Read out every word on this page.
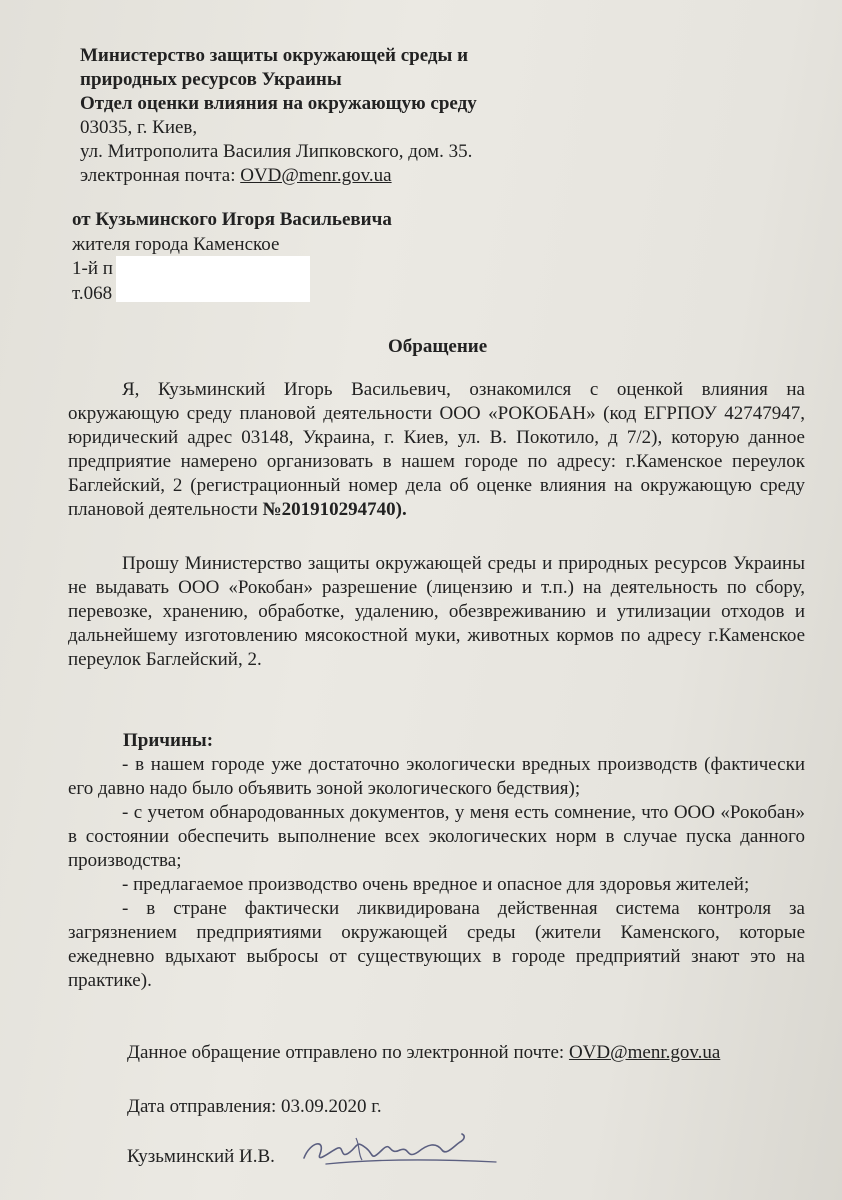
Министерство защиты окружающей среды и
природных ресурсов Украины
Отдел оценки влияния на окружающую среду
03035, г. Киев,
ул. Митрополита Василия Липковского, дом. 35.
электронная почта: OVD@menr.gov.ua
от Кузьминского Игоря Васильевича
жителя города Каменское
1-й п
т.068
Обращение

Я, Кузьминский Игорь Васильевич, ознакомился с оценкой влияния на окружающую среду плановой деятельности ООО «РОКОБАН» (код ЕГРПОУ 42747947, юридический адрес 03148, Украина, г. Киев, ул. В. Покотило, д 7/2), которую данное предприятие намерено организовать в нашем городе по адресу: г.Каменское переулок Баглейский, 2 (регистрационный номер дела об оценке влияния на окружающую среду плановой деятельности №201910294740).

Прошу Министерство защиты окружающей среды и природных ресурсов Украины не выдавать ООО «Рокобан» разрешение (лицензию и т.п.) на деятельность по сбору, перевозке, хранению, обработке, удалению, обезвреживанию и утилизации отходов и дальнейшему изготовлению мясокостной муки, животных кормов по адресу г.Каменское переулок Баглейский, 2.

Причины:

- в нашем городе уже достаточно экологически вредных производств (фактически его давно надо было объявить зоной экологического бедствия);

- с учетом обнародованных документов, у меня есть сомнение, что ООО «Рокобан» в состоянии обеспечить выполнение всех экологических норм в случае пуска данного производства;

- предлагаемое производство очень вредное и опасное для здоровья жителей;

- в стране фактически ликвидирована действенная система контроля за загрязнением предприятиями окружающей среды (жители Каменского, которые ежедневно вдыхают выбросы от существующих в городе предприятий знают это на практике).

Данное обращение отправлено по электронной почте: OVD@menr.gov.ua
Дата отправления: 03.09.2020 г.
Кузьминский И.В.
